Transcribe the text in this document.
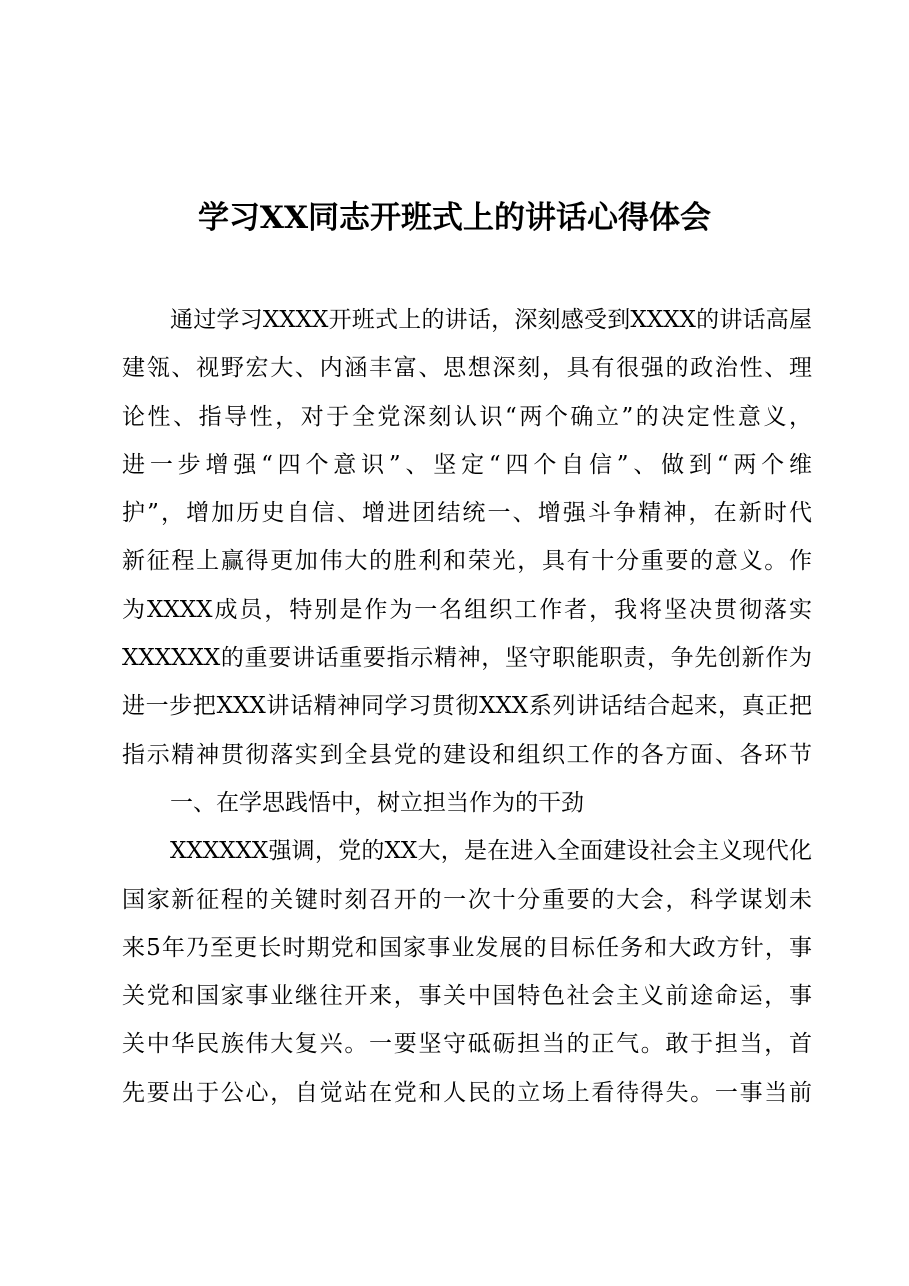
学习XX同志开班式上的讲话心得体会
通过学习XXXX开班式上的讲话，深刻感受到XXXX的讲话高屋
建瓴、视野宏大、内涵丰富、思想深刻，具有很强的政治性、理
论性、指导性，对于全党深刻认识“两个确立”的决定性意义，
进一步增强“四个意识”、坚定“四个自信”、做到“两个维
护”，增加历史自信、增进团结统一、增强斗争精神，在新时代
新征程上赢得更加伟大的胜利和荣光，具有十分重要的意义。作
为XXXX成员，特别是作为一名组织工作者，我将坚决贯彻落实
XXXXXX的重要讲话重要指示精神，坚守职能职责，争先创新作为
进一步把XXX讲话精神同学习贯彻XXX系列讲话结合起来，真正把
指示精神贯彻落实到全县党的建设和组织工作的各方面、各环节
一、在学思践悟中，树立担当作为的干劲
XXXXXX强调，党的XX大，是在进入全面建设社会主义现代化
国家新征程的关键时刻召开的一次十分重要的大会，科学谋划未
来5年乃至更长时期党和国家事业发展的目标任务和大政方针，事
关党和国家事业继往开来，事关中国特色社会主义前途命运，事
关中华民族伟大复兴。一要坚守砥砺担当的正气。敢于担当，首
先要出于公心，自觉站在党和人民的立场上看待得失。一事当前
